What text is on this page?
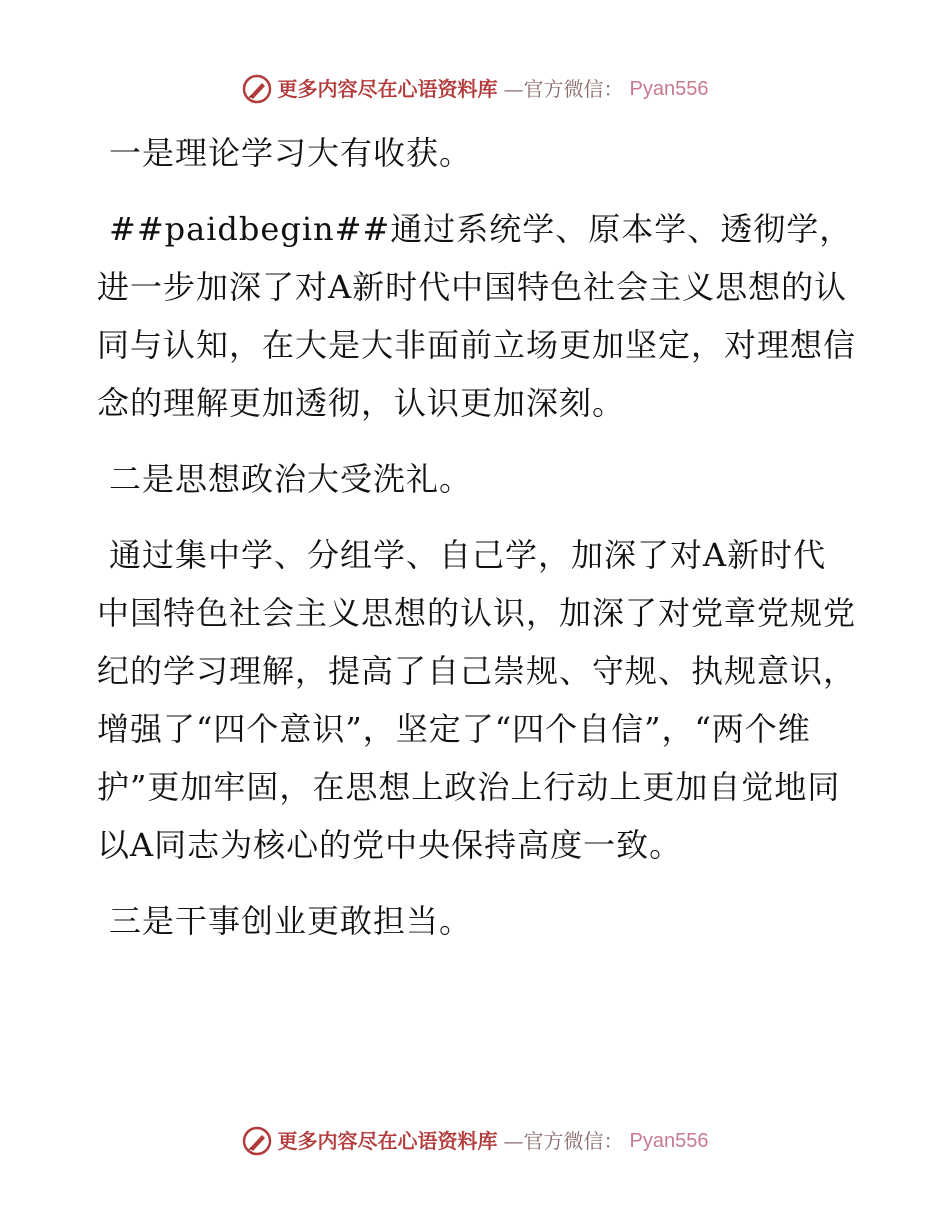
更多内容尽在心语资料库 —官方微信： Pyan556

一是理论学习大有收获。

##paidbegin##通过系统学、原本学、透彻学，进一步加深了对A新时代中国特色社会主义思想的认同与认知，在大是大非面前立场更加坚定，对理想信念的理解更加透彻，认识更加深刻。

二是思想政治大受洗礼。

通过集中学、分组学、自己学，加深了对A新时代中国特色社会主义思想的认识，加深了对党章党规党纪的学习理解，提高了自己崇规、守规、执规意识，增强了“四个意识”，坚定了“四个自信”，“两个维护”更加牢固，在思想上政治上行动上更加自觉地同以A同志为核心的党中央保持高度一致。

三是干事创业更敢担当。

更多内容尽在心语资料库 —官方微信： Pyan556
